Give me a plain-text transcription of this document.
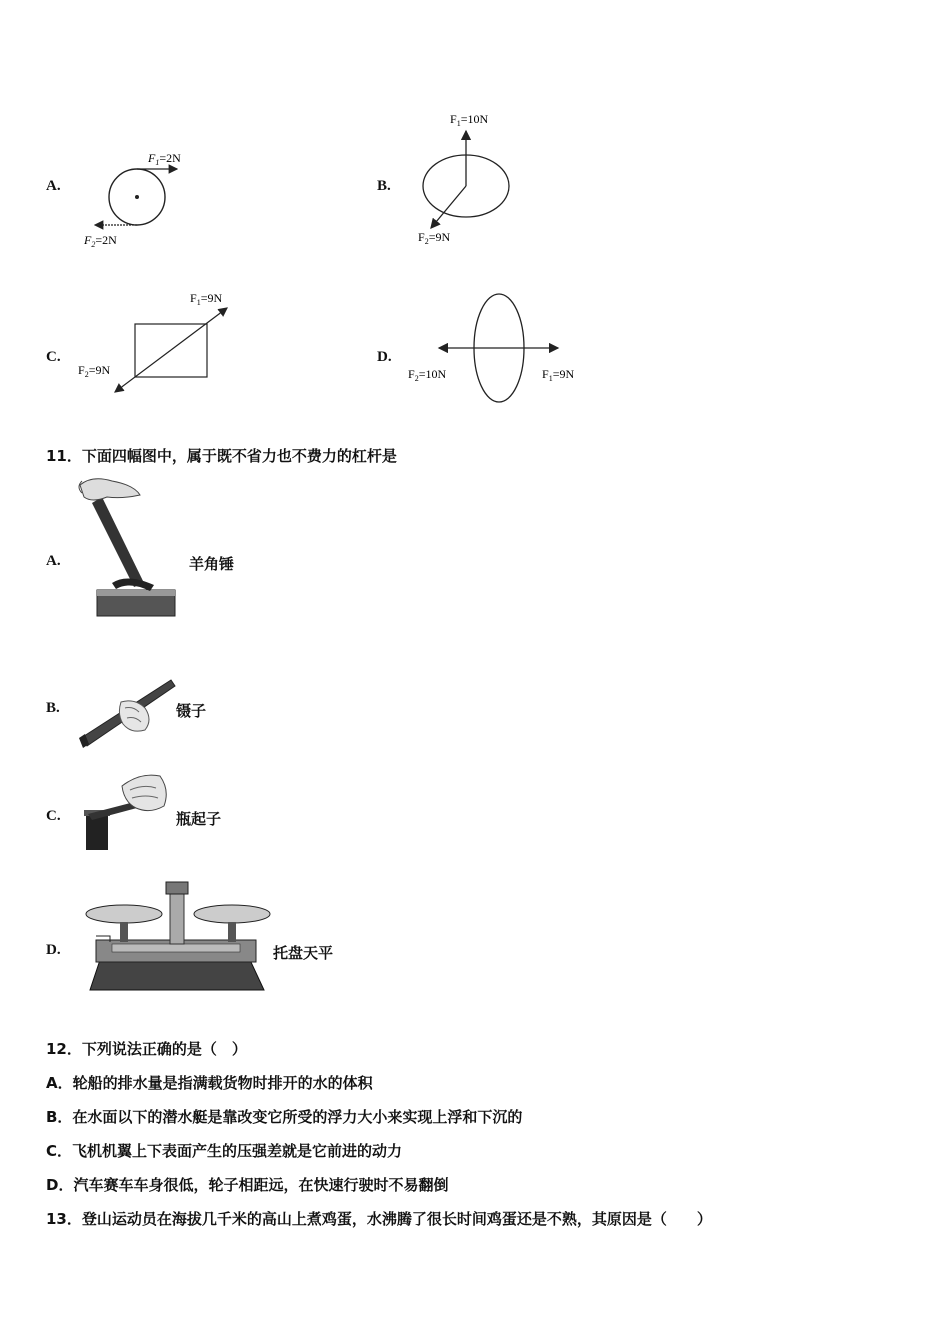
A.
$F_1=2N$
$F_2=2N$
B.
$F_1=10N$
$F_2=9N$
C.
$F_1=9N$
$F_2=9N$
D.
$F_1=9N$
$F_2=10N$
11．下面四幅图中，属于既不省力也不费力的杠杆是
A.	羊角锤
B.	镊子
C.	瓶起子
D.	托盘天平
12．下列说法正确的是（　）
A．轮船的排水量是指满载货物时排开的水的体积
B．在水面以下的潜水艇是靠改变它所受的浮力大小来实现上浮和下沉的
C．飞机机翼上下表面产生的压强差就是它前进的动力
D．汽车赛车车身很低，轮子相距远，在快速行驶时不易翻倒
13．登山运动员在海拔几千米的高山上煮鸡蛋，水沸腾了很长时间鸡蛋还是不熟，其原因是（　　）
